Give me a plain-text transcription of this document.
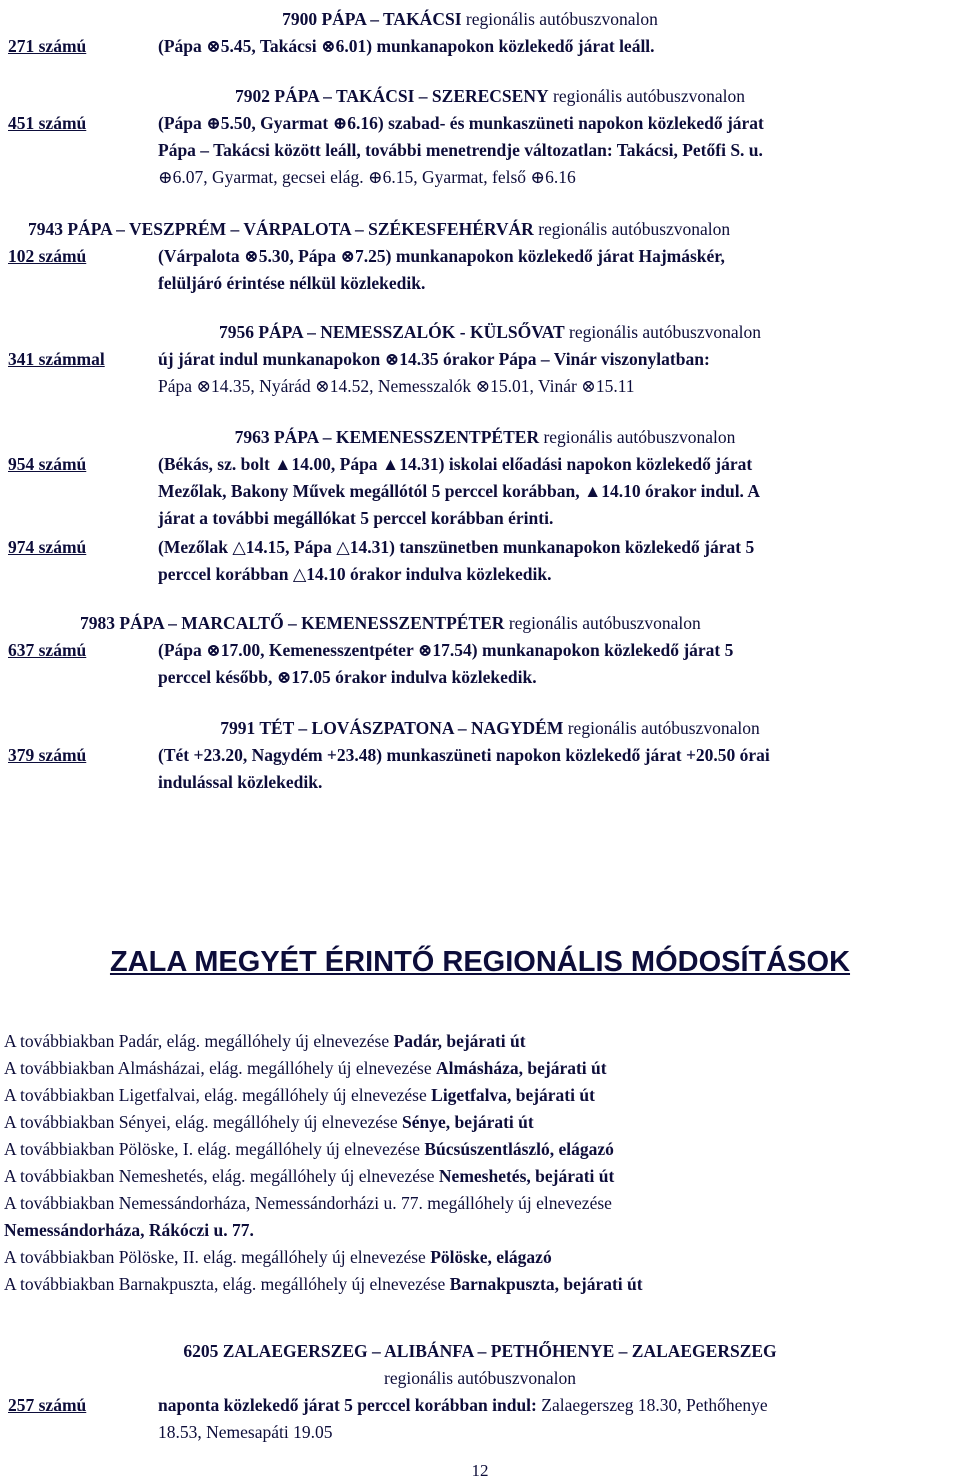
7900 PÁPA – TAKÁCSI regionális autóbuszvonalon
271 számú	(Pápa ⊗5.45, Takácsi ⊗6.01) munkanapokon közlekedő járat leáll.
7902 PÁPA – TAKÁCSI – SZERECSENY regionális autóbuszvonalon
451 számú	(Pápa ⊕5.50, Gyarmat ⊕6.16) szabad- és munkaszüneti napokon közlekedő járat
Pápa – Takácsi között leáll, további menetrendje változatlan: Takácsi, Petőfi S. u.
⊕6.07, Gyarmat, gecsei elág. ⊕6.15, Gyarmat, felső ⊕6.16
7943 PÁPA – VESZPRÉM – VÁRPALOTA – SZÉKESFEHÉRVÁR regionális autóbuszvonalon
102 számú	(Várpalota ⊗5.30, Pápa ⊗7.25) munkanapokon közlekedő járat Hajmáskér,
felüljáró érintése nélkül közlekedik.
7956 PÁPA – NEMESSZALÓK - KÜLSŐVAT regionális autóbuszvonalon
341 számmal	új járat indul munkanapokon ⊗14.35 órakor Pápa – Vinár viszonylatban:
Pápa ⊗14.35, Nyárád ⊗14.52, Nemesszalók ⊗15.01, Vinár ⊗15.11
7963 PÁPA – KEMENESSZENTPÉTER regionális autóbuszvonalon
954 számú	(Békás, sz. bolt ▲14.00, Pápa ▲14.31) iskolai előadási napokon közlekedő járat
Mezőlak, Bakony Művek megállótól 5 perccel korábban, ▲14.10 órakor indul. A
járat a további megállókat 5 perccel korábban érinti.
974 számú	(Mezőlak △14.15, Pápa △14.31) tanszünetben munkanapokon közlekedő járat 5
perccel korábban △14.10 órakor indulva közlekedik.
7983 PÁPA – MARCALTŐ – KEMENESSZENTPÉTER regionális autóbuszvonalon
637 számú	(Pápa ⊗17.00, Kemenesszentpéter ⊗17.54) munkanapokon közlekedő járat 5
perccel később, ⊗17.05 órakor indulva közlekedik.
7991 TÉT – LOVÁSZPATONA – NAGYDÉM regionális autóbuszvonalon
379 számú	(Tét +23.20, Nagydém +23.48) munkaszüneti napokon közlekedő járat +20.50 órai
indulással közlekedik.
ZALA MEGYÉT ÉRINTŐ REGIONÁLIS MÓDOSÍTÁSOK
A továbbiakban Padár, elág. megállóhely új elnevezése Padár, bejárati út
A továbbiakban Almásházai, elág. megállóhely új elnevezése Almásháza, bejárati út
A továbbiakban Ligetfalvai, elág. megállóhely új elnevezése Ligetfalva, bejárati út
A továbbiakban Sényei, elág. megállóhely új elnevezése Sénye, bejárati út
A továbbiakban Pölöske, I. elág. megállóhely új elnevezése Búcsúszentlászló, elágazó
A továbbiakban Nemeshetés, elág. megállóhely új elnevezése Nemeshetés, bejárati út
A továbbiakban Nemessándorháza, Nemessándorházi u. 77. megállóhely új elnevezése
Nemessándorháza, Rákóczi u. 77.
A továbbiakban Pölöske, II. elág. megállóhely új elnevezése Pölöske, elágazó
A továbbiakban Barnakpuszta, elág. megállóhely új elnevezése Barnakpuszta, bejárati út
6205 ZALAEGERSZEG – ALIBÁNFA – PETHŐHENYE – ZALAEGERSZEG
regionális autóbuszvonalon
257 számú	naponta közlekedő járat 5 perccel korábban indul: Zalaegerszeg 18.30, Pethőhenye
18.53, Nemesapáti 19.05
12
